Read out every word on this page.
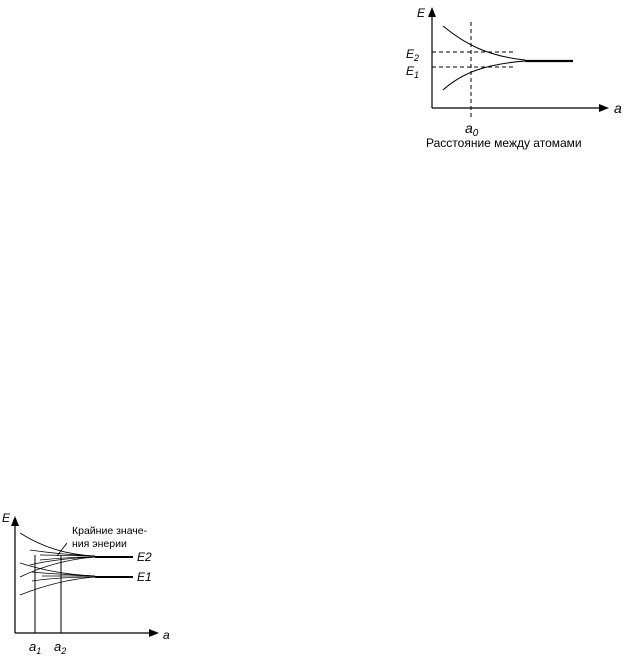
E
a
$E_2$
$E_1$
$a_0$
Расстояние между атомами
E
a
Крайние значе-
ния энерии
E2
E1
$a_1$ $a_2$
